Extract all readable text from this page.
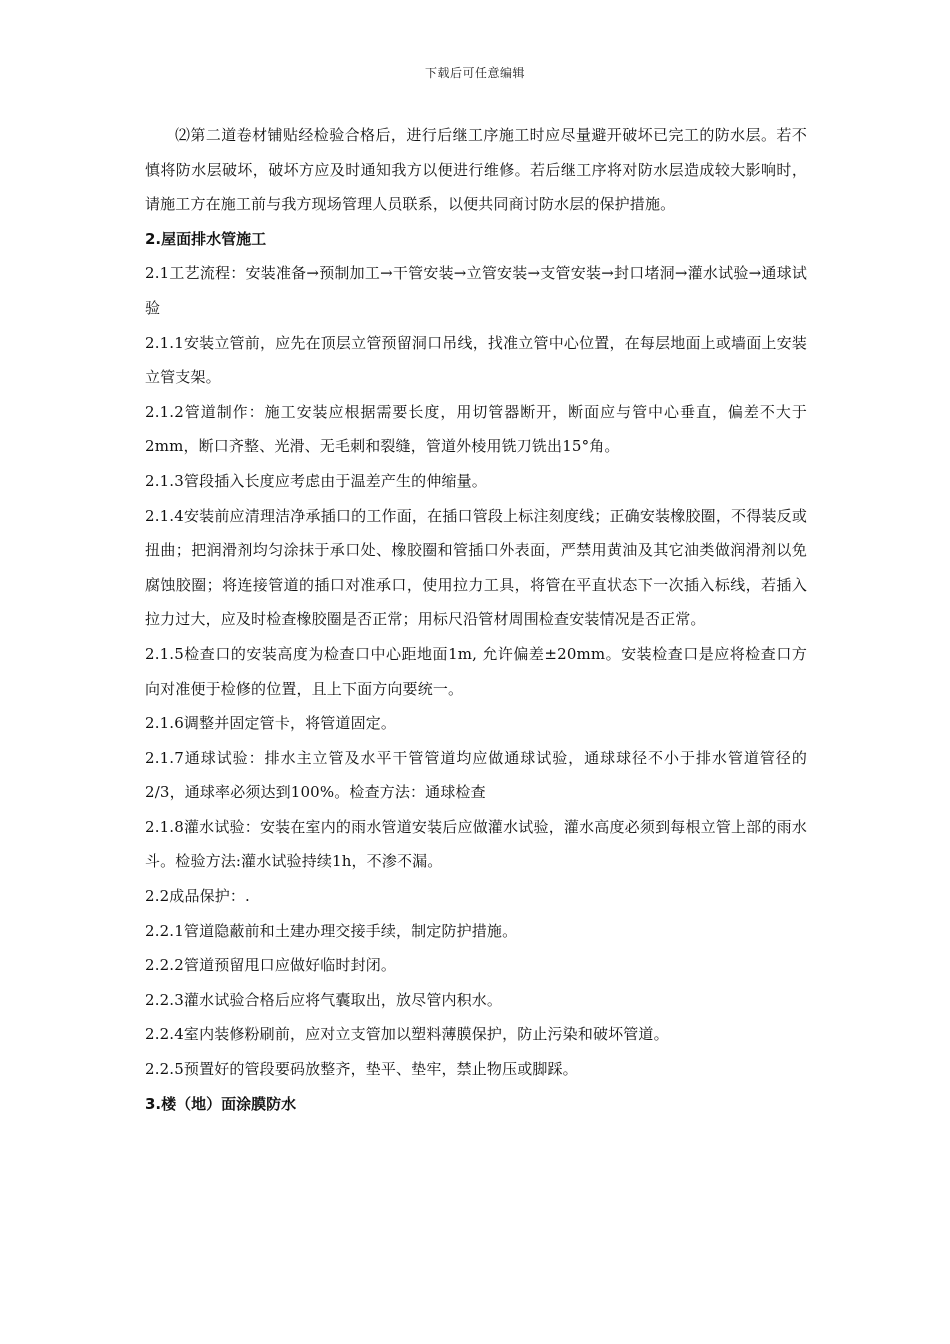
下载后可任意编辑

⑵第二道卷材铺贴经检验合格后，进行后继工序施工时应尽量避开破坏已完工的防水层。若不慎将防水层破坏，破坏方应及时通知我方以便进行维修。若后继工序将对防水层造成较大影响时，请施工方在施工前与我方现场管理人员联系，以便共同商讨防水层的保护措施。

2.屋面排水管施工

2.1工艺流程：安装准备→预制加工→干管安装→立管安装→支管安装→封口堵洞→灌水试验→通球试验

2.1.1安装立管前，应先在顶层立管预留洞口吊线，找准立管中心位置，在每层地面上或墙面上安装立管支架。

2.1.2管道制作：施工安装应根据需要长度，用切管器断开，断面应与管中心垂直，偏差不大于2mm，断口齐整、光滑、无毛刺和裂缝，管道外棱用铣刀铣出15°角。

2.1.3管段插入长度应考虑由于温差产生的伸缩量。

2.1.4安装前应清理洁净承插口的工作面，在插口管段上标注刻度线；正确安装橡胶圈，不得装反或扭曲；把润滑剂均匀涂抹于承口处、橡胶圈和管插口外表面，严禁用黄油及其它油类做润滑剂以免腐蚀胶圈；将连接管道的插口对准承口，使用拉力工具，将管在平直状态下一次插入标线，若插入拉力过大，应及时检查橡胶圈是否正常；用标尺沿管材周围检查安装情况是否正常。

2.1.5检查口的安装高度为检查口中心距地面1m, 允许偏差±20mm。安装检查口是应将检查口方向对准便于检修的位置，且上下面方向要统一。

2.1.6调整并固定管卡，将管道固定。

2.1.7通球试验：排水主立管及水平干管管道均应做通球试验，通球球径不小于排水管道管径的2/3，通球率必须达到100%。检查方法：通球检查

2.1.8灌水试验：安装在室内的雨水管道安装后应做灌水试验，灌水高度必须到每根立管上部的雨水斗。检验方法:灌水试验持续1h，不渗不漏。

2.2成品保护：.

2.2.1管道隐蔽前和土建办理交接手续，制定防护措施。

2.2.2管道预留甩口应做好临时封闭。

2.2.3灌水试验合格后应将气囊取出，放尽管内积水。

2.2.4室内装修粉刷前，应对立支管加以塑料薄膜保护，防止污染和破坏管道。

2.2.5预置好的管段要码放整齐，垫平、垫牢，禁止物压或脚踩。

3.楼（地）面涂膜防水
